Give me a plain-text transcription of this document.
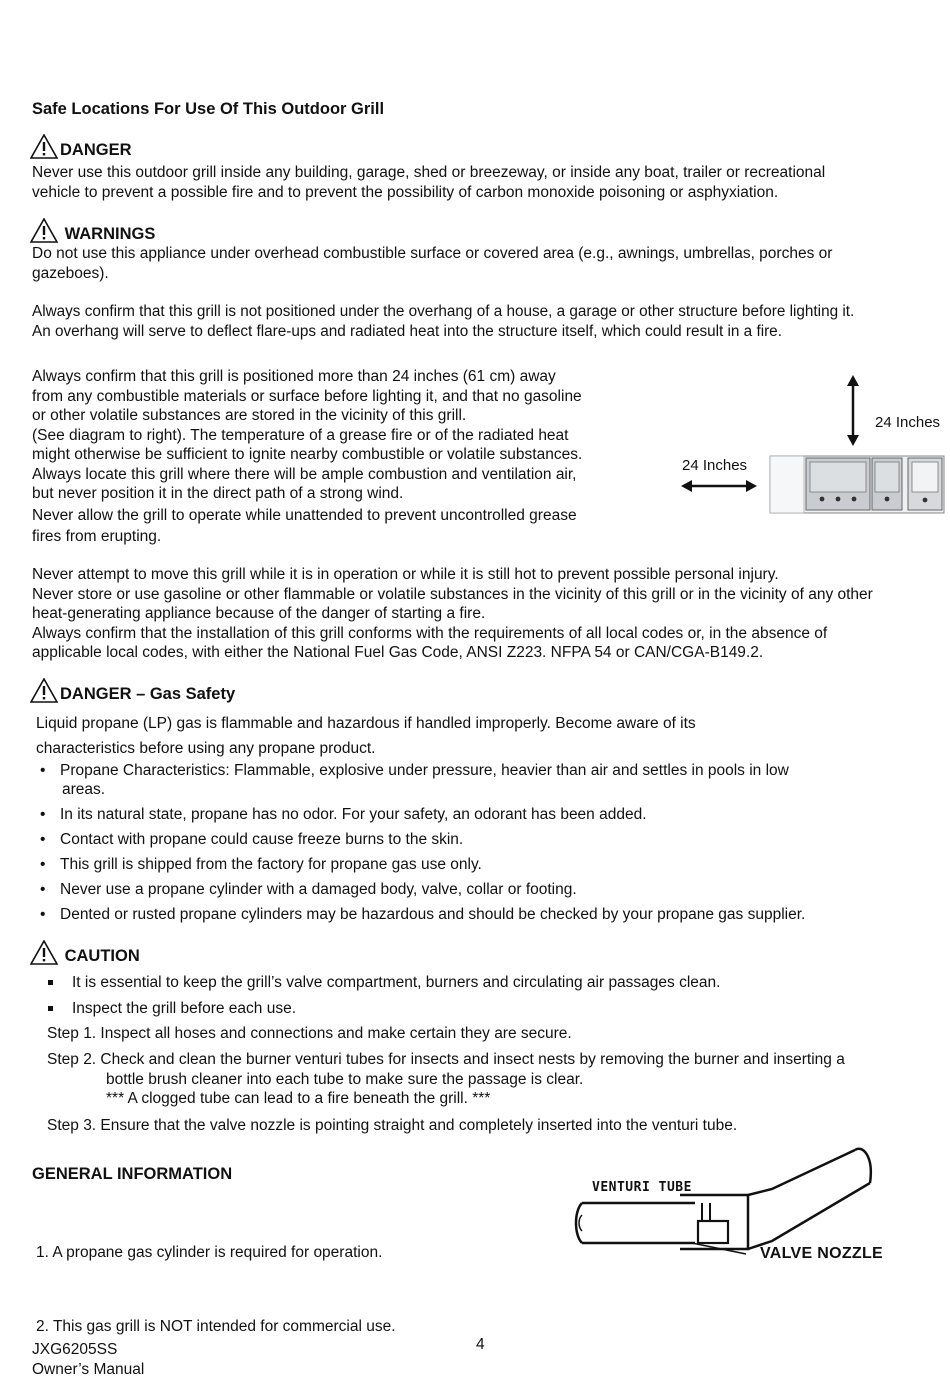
Safe Locations For Use Of This Outdoor Grill
DANGER
Never use this outdoor grill inside any building, garage, shed or breezeway, or inside any boat, trailer or recreational
vehicle to prevent a possible fire and to prevent the possibility of carbon monoxide poisoning or asphyxiation.
WARNINGS
Do not use this appliance under overhead combustible surface or covered area (e.g., awnings, umbrellas, porches or
gazeboes).
Always confirm that this grill is not positioned under the overhang of a house, a garage or other structure before lighting it.
An overhang will serve to deflect flare-ups and radiated heat into the structure itself, which could result in a fire.
Always confirm that this grill is positioned more than 24 inches (61 cm) away
from any combustible materials or surface before lighting it, and that no gasoline
or other volatile substances are stored in the vicinity of this grill.
(See diagram to right). The temperature of a grease fire or of the radiated heat
might otherwise be sufficient to ignite nearby combustible or volatile substances.
Always locate this grill where there will be ample combustion and ventilation air,
but never position it in the direct path of a strong wind.
Never allow the grill to operate while unattended to prevent uncontrolled grease
fires from erupting.
24 Inches
24 Inches
Never attempt to move this grill while it is in operation or while it is still hot to prevent possible personal injury.
Never store or use gasoline or other flammable or volatile substances in the vicinity of this grill or in the vicinity of any other
heat-generating appliance because of the danger of starting a fire.
Always confirm that the installation of this grill conforms with the requirements of all local codes or, in the absence of
applicable local codes, with either the National Fuel Gas Code, ANSI Z223. NFPA 54 or CAN/CGA-B149.2.
DANGER – Gas Safety
Liquid propane (LP) gas is flammable and hazardous if handled improperly. Become aware of its
characteristics before using any propane product.
• Propane Characteristics: Flammable, explosive under pressure, heavier than air and settles in pools in low
areas.
• In its natural state, propane has no odor. For your safety, an odorant has been added.
• Contact with propane could cause freeze burns to the skin.
• This grill is shipped from the factory for propane gas use only.
• Never use a propane cylinder with a damaged body, valve, collar or footing.
• Dented or rusted propane cylinders may be hazardous and should be checked by your propane gas supplier.
CAUTION
It is essential to keep the grill’s valve compartment, burners and circulating air passages clean.
Inspect the grill before each use.
Step 1. Inspect all hoses and connections and make certain they are secure.
Step 2. Check and clean the burner venturi tubes for insects and insect nests by removing the burner and inserting a
bottle brush cleaner into each tube to make sure the passage is clear.
*** A clogged tube can lead to a fire beneath the grill. ***
Step 3. Ensure that the valve nozzle is pointing straight and completely inserted into the venturi tube.
GENERAL INFORMATION

1. A propane gas cylinder is required for operation.

2. This gas grill is NOT intended for commercial use.

VENTURI TUBE
VALVE NOZZLE
JXG6205SS
Owner’s Manual
4
